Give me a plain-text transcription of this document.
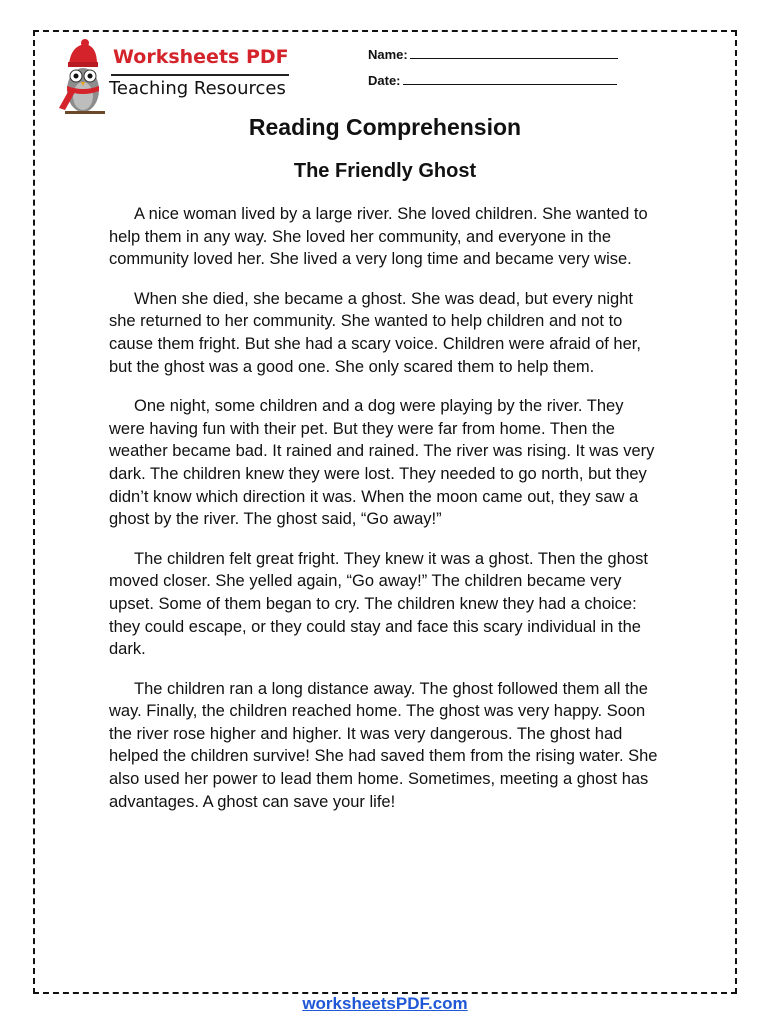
Worksheets PDF
Teaching Resources
Name:
Date:
Reading Comprehension
The Friendly Ghost

A nice woman lived by a large river. She loved children. She wanted to help them in any way. She loved her community, and everyone in the community loved her. She lived a very long time and became very wise.

When she died, she became a ghost. She was dead, but every night she returned to her community. She wanted to help children and not to cause them fright. But she had a scary voice. Children were afraid of her, but the ghost was a good one. She only scared them to help them.

One night, some children and a dog were playing by the river. They were having fun with their pet. But they were far from home. Then the weather became bad. It rained and rained. The river was rising. It was very dark. The children knew they were lost. They needed to go north, but they didn’t know which direction it was. When the moon came out, they saw a ghost by the river. The ghost said, “Go away!”

The children felt great fright. They knew it was a ghost. Then the ghost moved closer. She yelled again, “Go away!” The children became very upset. Some of them began to cry. The children knew they had a choice: they could escape, or they could stay and face this scary individual in the dark.

The children ran a long distance away. The ghost followed them all the way. Finally, the children reached home. The ghost was very happy. Soon the river rose higher and higher. It was very dangerous. The ghost had helped the children survive! She had saved them from the rising water. She also used her power to lead them home. Sometimes, meeting a ghost has advantages. A ghost can save your life!

worksheetsPDF.com
